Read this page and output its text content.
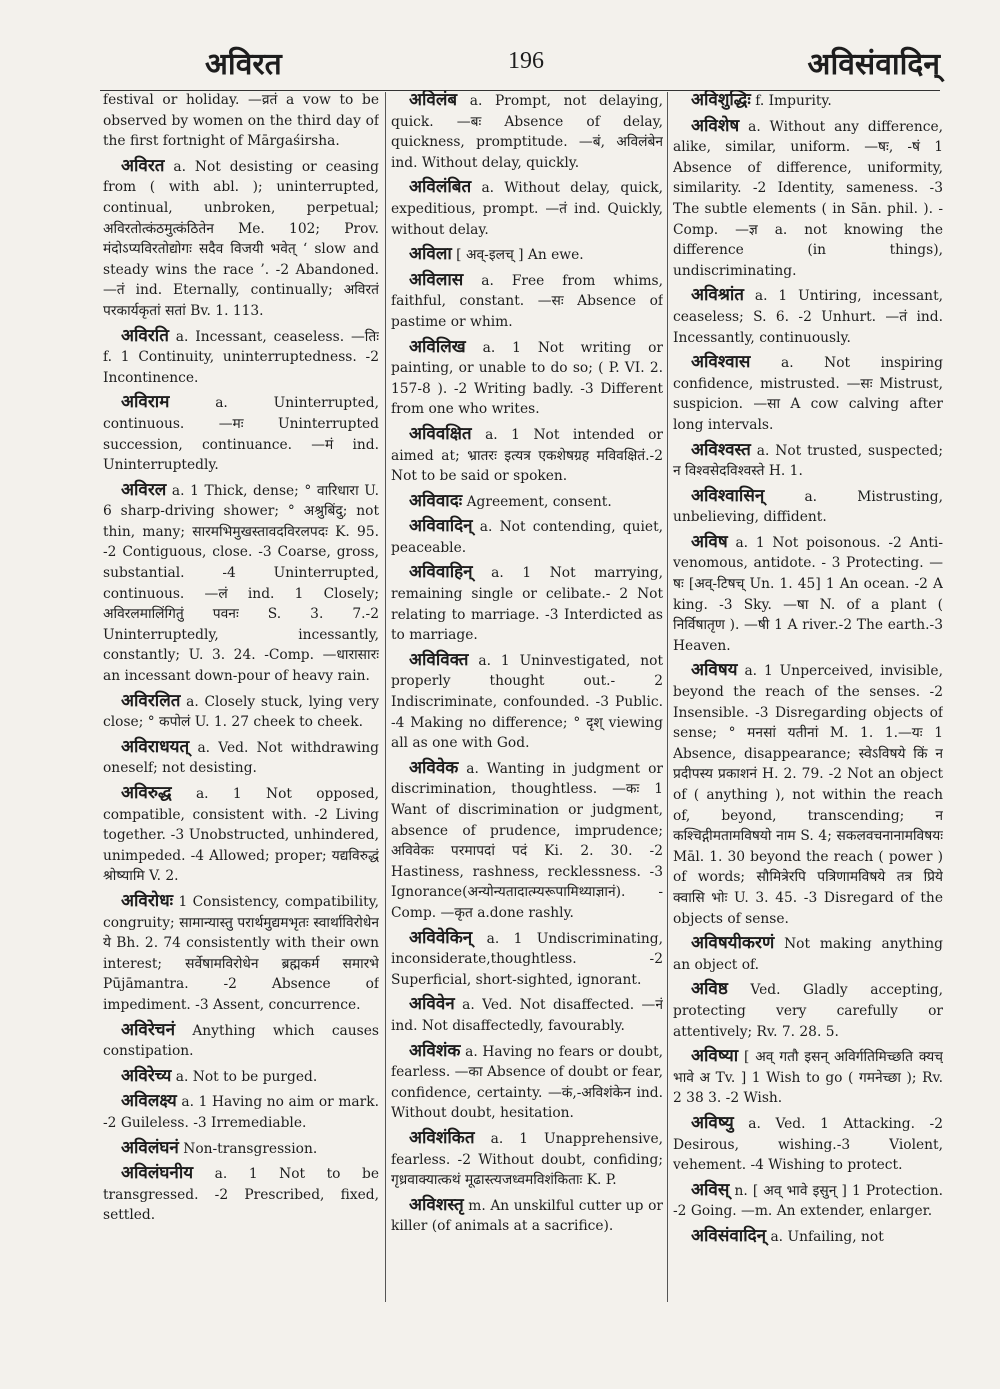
अविरत	196	अविसंवादिन्

festival or holiday. —व्रतं a vow to be observed by women on the third day of the first fortnight of Mārgaśirsha.

अविरत a. Not desisting or ceasing from ( with abl. ); uninterrupted, continual, unbroken, perpetual; अविरतोत्कंठमुत्कंठितेन Me. 102; Prov. मंदोऽप्यविरतोद्योगः सदैव विजयी भवेत् ‘ slow and steady wins the race ’. -2 Abandoned. —तं ind. Eternally, continually; अविरतं परकार्यकृतां सतां Bv. 1. 113.

अविरति a. Incessant, ceaseless. —तिः f. 1 Continuity, uninterruptedness. -2 Incontinence.

अविराम	a. Uninterrupted, continuous. —मः Uninterrupted succession, continuance. —मं ind. Uninterruptedly.

अविरल a. 1 Thick, dense; ° वारिधारा U. 6 sharp-driving shower; ° अश्रुबिंदु; not thin, many; सारमभिमुखस्तावदविरलपदः K. 95. -2 Contiguous, close. -3 Coarse, gross, substantial. -4 Uninterrupted, continuous. —लं ind. 1 Closely; अविरलमालिंगितुं पवनः S. 3. 7.-2 Uninterruptedly, incessantly, constantly; U. 3. 24. -Comp. —धारासारः an incessant down-pour of heavy rain.

अविरलित a. Closely stuck, lying very close; ° कपोलं U. 1. 27 cheek to cheek.

अविराधयत् a. Ved. Not withdrawing oneself; not desisting.

अविरुद्ध a. 1 Not opposed, compatible, consistent with. -2 Living together. -3 Unobstructed, unhindered, unimpeded. -4 Allowed; proper; यद्यविरुद्धं श्रोष्यामि V. 2.

अविरोधः 1 Consistency, compatibility, congruity; सामान्यास्तु परार्थमुद्यमभृतः स्वार्थाविरोधेन ये Bh. 2. 74 consistently with their own interest; सर्वेषामविरोधेन ब्रह्मकर्म समारभे Pūjāmantra. -2 Absence of impediment. -3 Assent, concurrence.

अविरेचनं Anything which causes constipation.

अविरेच्य a. Not to be purged.

अविलक्ष्य a. 1 Having no aim or mark. -2 Guileless. -3 Irremediable.

अविलंघनं Non-transgression.

अविलंघनीय a. 1 Not to be transgressed. -2 Prescribed, fixed, settled.

अविलंब a. Prompt, not delaying, quick. —बः Absence of delay, quickness, promptitude. —बं, अविलंबेन ind. Without delay, quickly.

अविलंबित a. Without delay, quick, expeditious, prompt. —तं ind. Quickly, without delay.

अविला [ अव्-इलच् ] An ewe.

अविलास a. Free from whims, faithful, constant. —सः Absence of pastime or whim.

अविलिख a. 1 Not writing or painting, or unable to do so; ( P. VI. 2. 157-8 ). -2 Writing badly. -3 Different from one who writes.

अविवक्षित a. 1 Not intended or aimed at; भ्रातरः इत्यत्र एकशेषग्रह मविवक्षितं.-2 Not to be said or spoken.

अविवादः Agreement, consent.

अविवादिन् a. Not contending, quiet, peaceable.

अविवाहिन् a. 1 Not marrying, remaining single or celibate.- 2 Not relating to marriage. -3 Interdicted as to marriage.

अविविक्त a. 1 Uninvestigated, not properly thought out.- 2 Indiscriminate, confounded. -3 Public. -4 Making no difference; ° दृश् viewing all as one with God.

अविवेक a. Wanting in judgment or discrimination, thoughtless. —कः 1 Want of discrimination or judgment, absence of prudence, imprudence; अविवेकः परमापदां पदं Ki. 2. 30. -2 Hastiness, rashness, recklessness. -3 Ignorance(अन्योन्यतादात्म्यरूपामिथ्याज्ञानं). -Comp. —कृत a.done rashly.

अविवेकिन् a. 1 Undiscriminating, inconsiderate,thoughtless. -2 Superficial, short-sighted, ignorant.

अविवेन a. Ved. Not disaffected. —नं ind. Not disaffectedly, favourably.

अविशंक a. Having no fears or doubt, fearless. —का Absence of doubt or fear, confidence, certainty. —कं,-अविशंकेन ind. Without doubt, hesitation.

अविशंकित a. 1 Unapprehensive, fearless. -2 Without doubt, confiding; गृध्रवाक्यात्कथं मूढास्त्यजध्वमविशंकिताः K. P.

अविशस्तृ m. An unskilful cutter up or killer (of animals at a sacrifice).

अविशुद्धिः f. Impurity.

अविशेष a. Without any difference, alike, similar, uniform. —षः, -षं 1 Absence of difference, uniformity, similarity. -2 Identity, sameness. -3 The subtle elements ( in Sān. phil. ). -Comp. —ज्ञ a. not knowing the difference (in things), undiscriminating.

अविश्रांत a. 1 Untiring, incessant, ceaseless; S. 6. -2 Unhurt. —तं ind. Incessantly, continuously.

अविश्वास a. Not inspiring confidence, mistrusted. —सः Mistrust, suspicion. —सा A cow calving after long intervals.

अविश्वस्त a. Not trusted, suspected; न विश्वसेदविश्वस्ते H. 1.

अविश्वासिन्	a. Mistrusting, unbelieving, diffident.

अविष a. 1 Not poisonous. -2 Anti-venomous, antidote. - 3 Protecting. — षः [अव्-टिषच् Un. 1. 45] 1 An ocean. -2 A king. -3 Sky. —षा N. of a plant ( निर्विषातृण ). —षी 1 A river.-2 The earth.-3 Heaven.

अविषय a. 1 Unperceived, invisible, beyond the reach of the senses. -2 Insensible. -3 Disregarding objects of sense; ° मनसां यतीनां M. 1. 1.—यः 1 Absence, disappearance; स्वेऽविषये किं न प्रदीपस्य प्रकाशनं H. 2. 79. -2 Not an object of ( anything ), not within the reach of, beyond, transcending; न कश्चिद्गीमतामविषयो नाम S. 4; सकलवचनानामविषयः Māl. 1. 30 beyond the reach ( power ) of words; सौमित्रेरपि पत्रिणामविषये तत्र प्रिये क्वासि भोः U. 3. 45. -3 Disregard of the objects of sense.

अविषयीकरणं Not making anything an object of.

अविष्ठ Ved. Gladly accepting, protecting very carefully or attentively; Rv. 7. 28. 5.

अविष्या [ अव् गतौ इसन् अविर्गतिमिच्छति क्यच् भावे अ Tv. ] 1 Wish to go ( गमनेच्छा ); Rv. 2 38 3. -2 Wish.

अविष्यु a. Ved. 1 Attacking. -2 Desirous, wishing.-3 Violent, vehement. -4 Wishing to protect.

अविस् n. [ अव् भावे इसुन् ] 1 Protection. -2 Going. —m. An extender, enlarger.

अविसंवादिन् a. Unfailing, not
